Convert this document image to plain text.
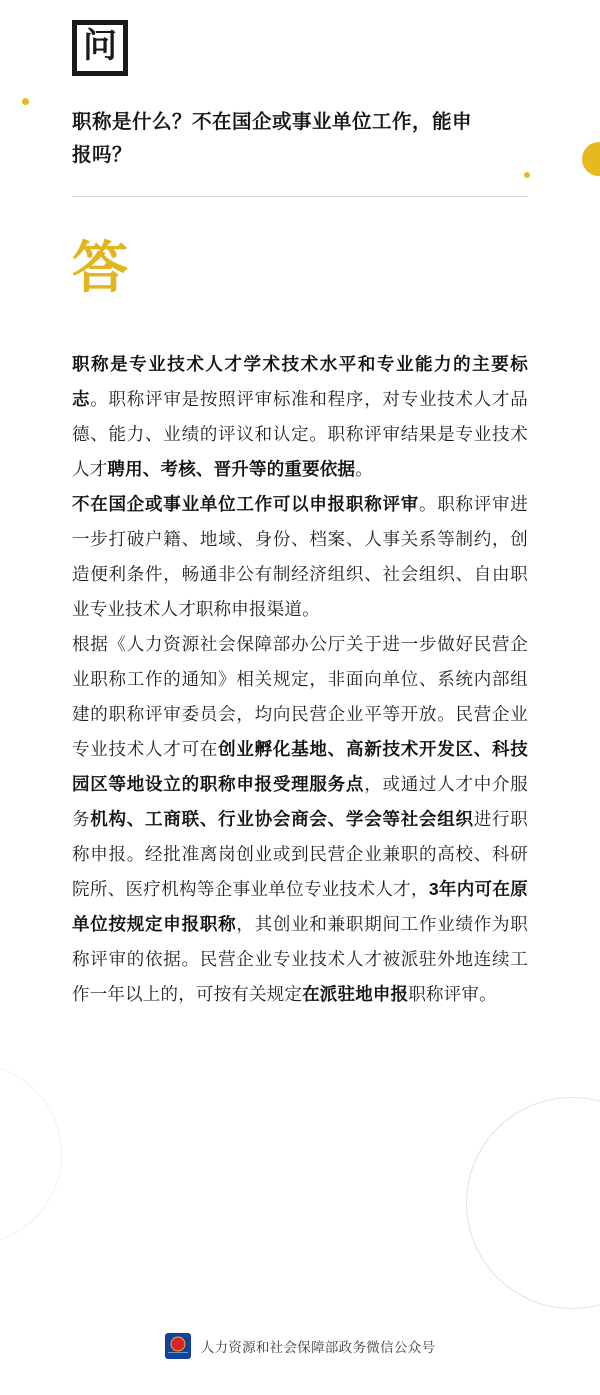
问
职称是什么？不在国企或事业单位工作，能申报吗？
答

职称是专业技术人才学术技术水平和专业能力的主要标志。职称评审是按照评审标准和程序，对专业技术人才品德、能力、业绩的评议和认定。职称评审结果是专业技术人才聘用、考核、晋升等的重要依据。

不在国企或事业单位工作可以申报职称评审。职称评审进一步打破户籍、地域、身份、档案、人事关系等制约，创造便利条件，畅通非公有制经济组织、社会组织、自由职业专业技术人才职称申报渠道。

根据《人力资源社会保障部办公厅关于进一步做好民营企业职称工作的通知》相关规定，非面向单位、系统内部组建的职称评审委员会，均向民营企业平等开放。民营企业专业技术人才可在创业孵化基地、高新技术开发区、科技园区等地设立的职称申报受理服务点，或通过人才中介服务机构、工商联、行业协会商会、学会等社会组织进行职称申报。经批准离岗创业或到民营企业兼职的高校、科研院所、医疗机构等企事业单位专业技术人才，3年内可在原单位按规定申报职称，其创业和兼职期间工作业绩作为职称评审的依据。民营企业专业技术人才被派驻外地连续工作一年以上的，可按有关规定在派驻地申报职称评审。

人力资源和社会保障部政务微信公众号
